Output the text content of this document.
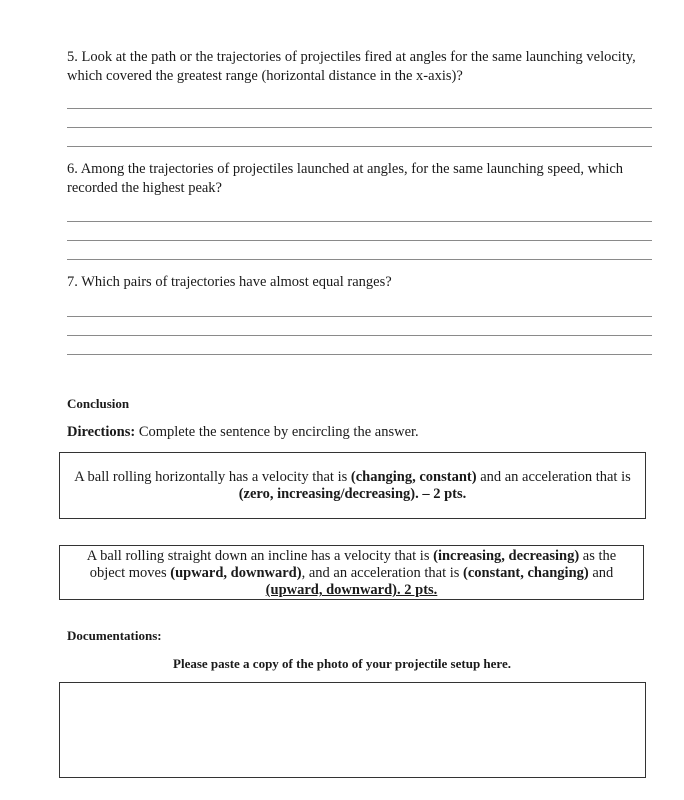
5. Look at the path or the trajectories of projectiles fired at angles for the same launching velocity, which covered the greatest range (horizontal distance in the x-axis)?
6. Among the trajectories of projectiles launched at angles, for the same launching speed, which recorded the highest peak?
7. Which pairs of trajectories have almost equal ranges?
Conclusion
Directions: Complete the sentence by encircling the answer.
A ball rolling horizontally has a velocity that is (changing, constant) and an acceleration that is (zero, increasing/decreasing). – 2 pts.
A ball rolling straight down an incline has a velocity that is (increasing, decreasing) as the object moves (upward, downward), and an acceleration that is (constant, changing) and (upward, downward). 2 pts.
Documentations:
Please paste a copy of the photo of your projectile setup here.
